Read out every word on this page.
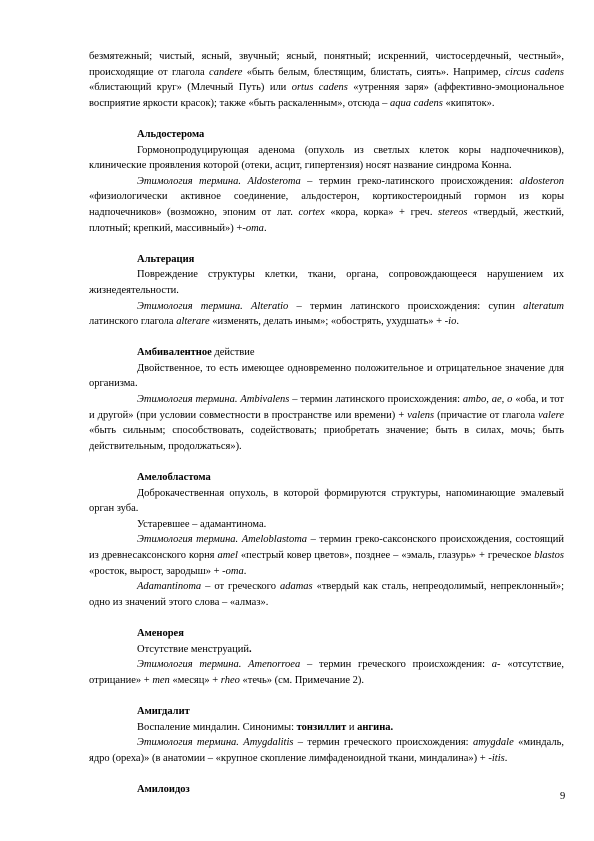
безмятежный; чистый, ясный, звучный; ясный, понятный; искренний, чистосердечный, честный», происходящие от глагола candere «быть белым, блестящим, блистать, сиять». Например, circus cadens «блистающий круг» (Млечный Путь) или ortus cadens «утренняя заря» (аффективно-эмоциональное восприятие яркости красок); также «быть раскаленным», отсюда – aqua cadens «кипяток».

Альдостерома

Гормонопродуцирующая аденома (опухоль из светлых клеток коры надпочечников), клинические проявления которой (отеки, асцит, гипертензия) носят название синдрома Конна.

Этимология термина. Aldosteroma – термин греко-латинского происхождения: aldosteron «физиологически активное соединение, альдостерон, кортикостероидный гормон из коры надпочечников» (возможно, эпоним от лат. cortex «кора, корка» + греч. stereos «твердый, жесткий, плотный; крепкий, массивный») +-oma.

Альтерация

Повреждение структуры клетки, ткани, органа, сопровождающееся нарушением их жизнедеятельности.

Этимология термина. Alteratio – термин латинского происхождения: супин alteratum латинского глагола alterare «изменять, делать иным»; «обострять, ухудшать» + -io.

Амбивалентное действие

Двойственное, то есть имеющее одновременно положительное и отрицательное значение для организма.

Этимология термина. Ambivalens – термин латинского происхождения: ambo, ae, o «оба, и тот и другой» (при условии совместности в пространстве или времени) + valens (причастие от глагола valere «быть сильным; способствовать, содействовать; приобретать значение; быть в силах, мочь; быть действительным, продолжаться»).

Амелобластома

Доброкачественная опухоль, в которой формируются структуры, напоминающие эмалевый орган зуба.

Устаревшее – адамантинома.

Этимология термина. Ameloblastoma – термин греко-саксонского происхождения, состоящий из древнесаксонского корня amel «пестрый ковер цветов», позднее – «эмаль, глазурь» + греческое blastos «росток, вырост, зародыш» + -oma.

Adamantinoma – от греческого adamas «твердый как сталь, непреодолимый, непреклонный»; одно из значений этого слова – «алмаз».

Аменорея

Отсутствие менструаций.

Этимология термина. Amenorroea – термин греческого происхождения: a- «отсутствие, отрицание» + men «месяц» + rheo «течь» (см. Примечание 2).

Амигдалит

Воспаление миндалин. Синонимы: тонзиллит и ангина.

Этимология термина. Amygdalitis – термин греческого происхождения: amygdale «миндаль, ядро (ореха)» (в анатомии – «крупное скопление лимфаденоидной ткани, миндалина») + -itis.

Амилоидоз

9
